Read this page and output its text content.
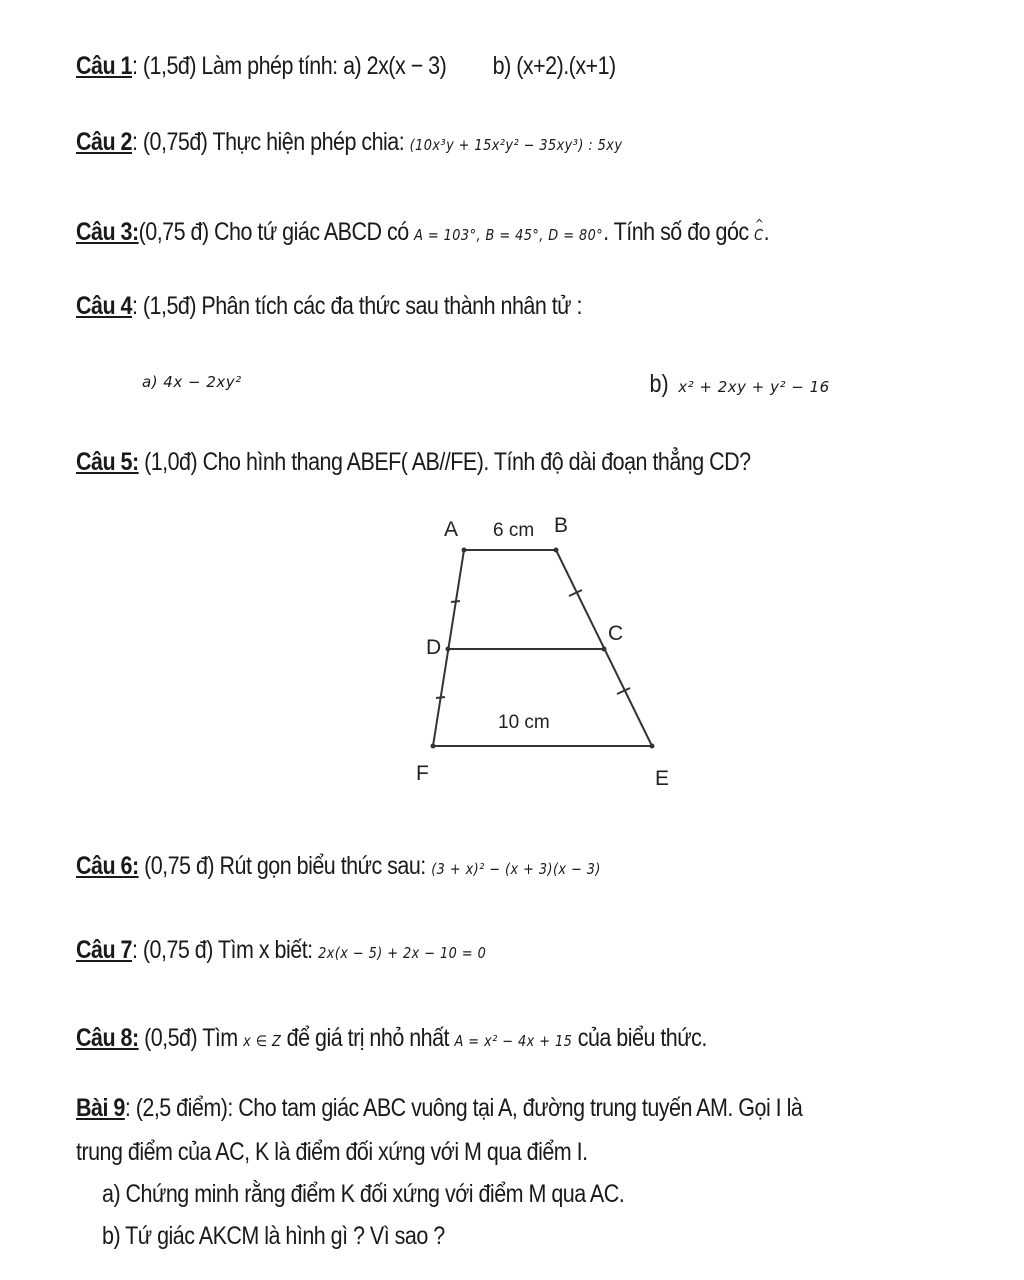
Câu 1: (1,5đ) Làm phép tính: a) 2x(x − 3) b) (x+2).(x+1)
Câu 2: (0,75đ) Thực hiện phép chia: (10x³y + 15x²y² − 35xy³) : 5xy
Câu 3:(0,75 đ) Cho tứ giác ABCD có A = 103°, B = 45°, D = 80°. Tính số đo góc ^ C.
Câu 4: (1,5đ) Phân tích các đa thức sau thành nhân tử :
a) 4x − 2xy²	b) x² + 2xy + y² − 16
Câu 5: (1,0đ) Cho hình thang ABEF( AB//FE). Tính độ dài đoạn thẳng CD?
A	B
C
D
E
F
6 cm
10 cm
Câu 6: (0,75 đ) Rút gọn biểu thức sau: (3 + x)² − (x + 3)(x − 3)
Câu 7: (0,75 đ) Tìm x biết: 2x(x − 5) + 2x − 10 = 0
Câu 8: (0,5đ) Tìm x ∈ Z để giá trị nhỏ nhất A = x² − 4x + 15 của biểu thức.
Bài 9: (2,5 điểm): Cho tam giác ABC vuông tại A, đường trung tuyến AM. Gọi I là
trung điểm của AC, K là điểm đối xứng với M qua điểm I.
a) Chứng minh rằng điểm K đối xứng với điểm M qua AC.
b) Tứ giác AKCM là hình gì ? Vì sao ?
